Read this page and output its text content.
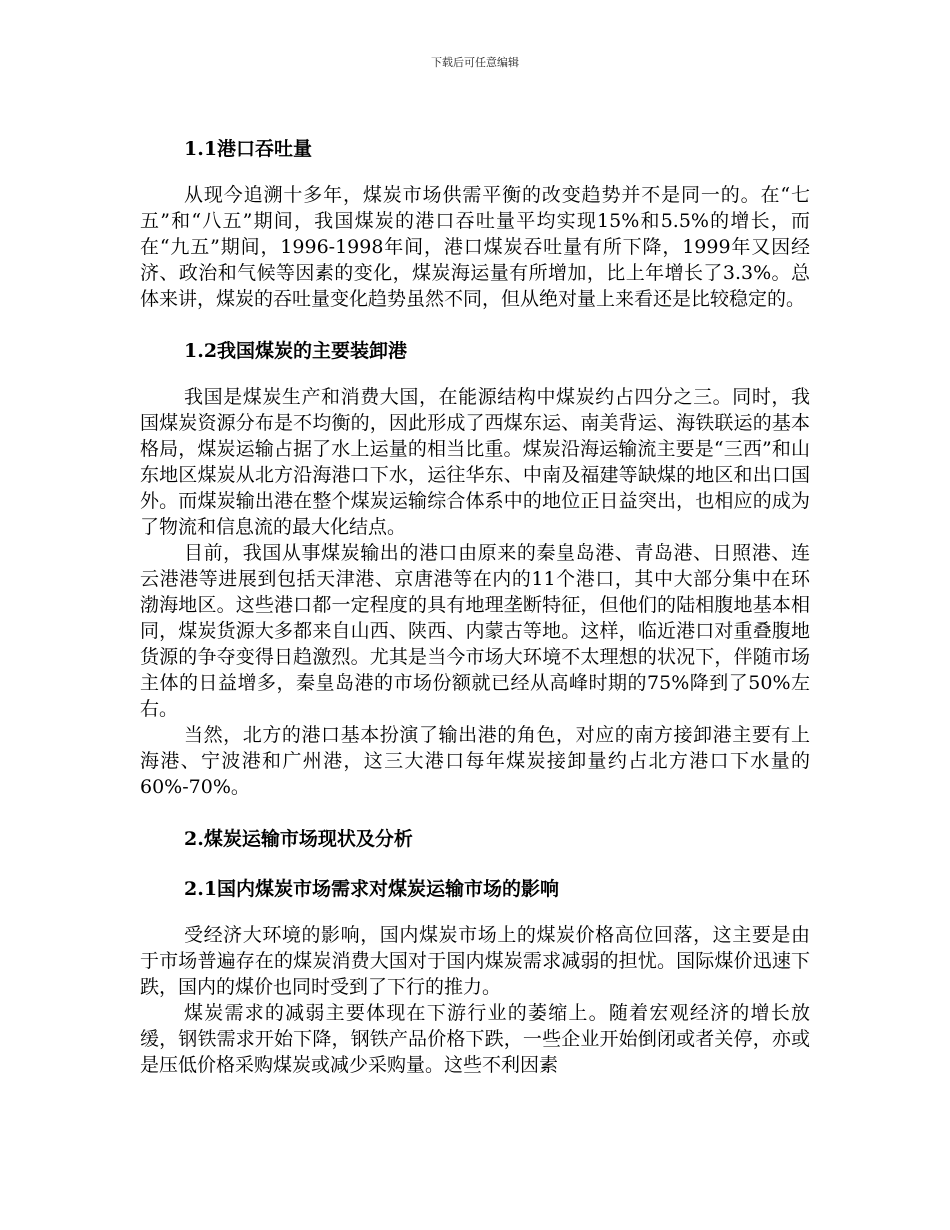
下载后可任意编辑
1.1港口吞吐量

从现今追溯十多年，煤炭市场供需平衡的改变趋势并不是同一的。在“七五”和“八五”期间，我国煤炭的港口吞吐量平均实现15%和5.5%的增长，而在“九五”期间，1996-1998年间，港口煤炭吞吐量有所下降，1999年又因经济、政治和气候等因素的变化，煤炭海运量有所增加，比上年增长了3.3%。总体来讲，煤炭的吞吐量变化趋势虽然不同，但从绝对量上来看还是比较稳定的。

1.2我国煤炭的主要装卸港

我国是煤炭生产和消费大国，在能源结构中煤炭约占四分之三。同时，我国煤炭资源分布是不均衡的，因此形成了西煤东运、南美背运、海铁联运的基本格局，煤炭运输占据了水上运量的相当比重。煤炭沿海运输流主要是“三西”和山东地区煤炭从北方沿海港口下水，运往华东、中南及福建等缺煤的地区和出口国外。而煤炭输出港在整个煤炭运输综合体系中的地位正日益突出，也相应的成为了物流和信息流的最大化结点。

目前，我国从事煤炭输出的港口由原来的秦皇岛港、青岛港、日照港、连云港港等进展到包括天津港、京唐港等在内的11个港口，其中大部分集中在环渤海地区。这些港口都一定程度的具有地理垄断特征，但他们的陆相腹地基本相同，煤炭货源大多都来自山西、陕西、内蒙古等地。这样，临近港口对重叠腹地货源的争夺变得日趋激烈。尤其是当今市场大环境不太理想的状况下，伴随市场主体的日益增多，秦皇岛港的市场份额就已经从高峰时期的75%降到了50%左右。

当然，北方的港口基本扮演了输出港的角色，对应的南方接卸港主要有上海港、宁波港和广州港，这三大港口每年煤炭接卸量约占北方港口下水量的60%-70%。

2.煤炭运输市场现状及分析
2.1国内煤炭市场需求对煤炭运输市场的影响

受经济大环境的影响，国内煤炭市场上的煤炭价格高位回落，这主要是由于市场普遍存在的煤炭消费大国对于国内煤炭需求减弱的担忧。国际煤价迅速下跌，国内的煤价也同时受到了下行的推力。

煤炭需求的减弱主要体现在下游行业的萎缩上。随着宏观经济的增长放缓，钢铁需求开始下降，钢铁产品价格下跌，一些企业开始倒闭或者关停，亦或是压低价格采购煤炭或减少采购量。这些不利因素
